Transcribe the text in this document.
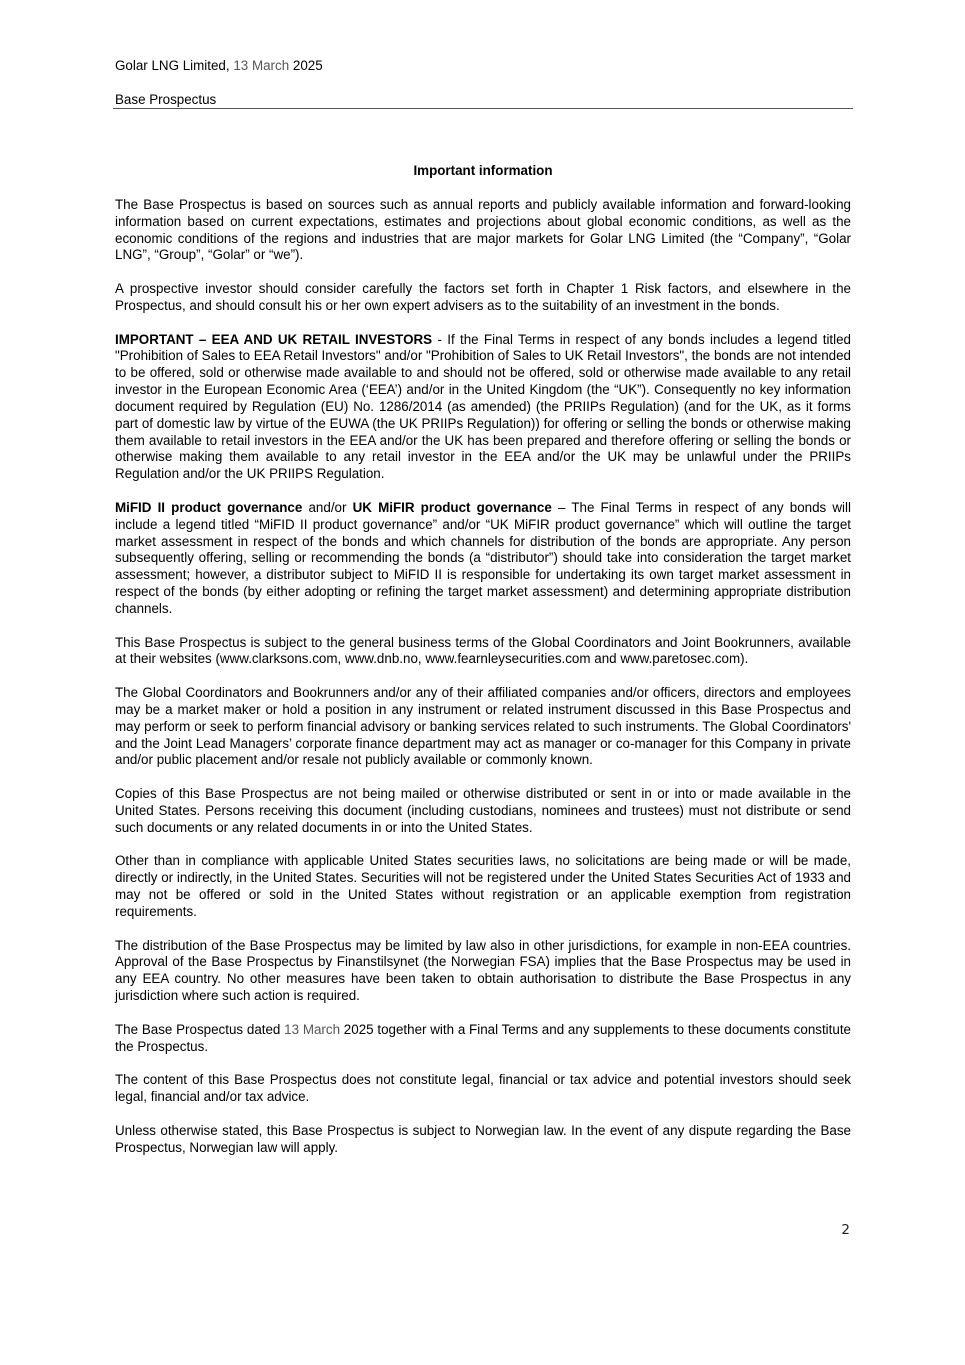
Golar LNG Limited, 13 March 2025
Base Prospectus
Important information

The Base Prospectus is based on sources such as annual reports and publicly available information and forward-looking information based on current expectations, estimates and projections about global economic conditions, as well as the economic conditions of the regions and industries that are major markets for Golar LNG Limited (the “Company”, “Golar LNG”, “Group”, “Golar” or “we”).

A prospective investor should consider carefully the factors set forth in Chapter 1 Risk factors, and elsewhere in the Prospectus, and should consult his or her own expert advisers as to the suitability of an investment in the bonds.

IMPORTANT – EEA AND UK RETAIL INVESTORS - If the Final Terms in respect of any bonds includes a legend titled "Prohibition of Sales to EEA Retail Investors" and/or "Prohibition of Sales to UK Retail Investors", the bonds are not intended to be offered, sold or otherwise made available to and should not be offered, sold or otherwise made available to any retail investor in the European Economic Area (‘EEA’) and/or in the United Kingdom (the “UK”). Consequently no key information document required by Regulation (EU) No. 1286/2014 (as amended) (the PRIIPs Regulation) (and for the UK, as it forms part of domestic law by virtue of the EUWA (the UK PRIIPs Regulation)) for offering or selling the bonds or otherwise making them available to retail investors in the EEA and/or the UK has been prepared and therefore offering or selling the bonds or otherwise making them available to any retail investor in the EEA and/or the UK may be unlawful under the PRIIPs Regulation and/or the UK PRIIPS Regulation.

MiFID II product governance and/or UK MiFIR product governance – The Final Terms in respect of any bonds will include a legend titled “MiFID II product governance” and/or “UK MiFIR product governance” which will outline the target market assessment in respect of the bonds and which channels for distribution of the bonds are appropriate. Any person subsequently offering, selling or recommending the bonds (a “distributor”) should take into consideration the target market assessment; however, a distributor subject to MiFID II is responsible for undertaking its own target market assessment in respect of the bonds (by either adopting or refining the target market assessment) and determining appropriate distribution channels.

This Base Prospectus is subject to the general business terms of the Global Coordinators and Joint Bookrunners, available at their websites (www.clarksons.com, www.dnb.no, www.fearnleysecurities.com and www.paretosec.com).

The Global Coordinators and Bookrunners and/or any of their affiliated companies and/or officers, directors and employees may be a market maker or hold a position in any instrument or related instrument discussed in this Base Prospectus and may perform or seek to perform financial advisory or banking services related to such instruments. The Global Coordinators' and the Joint Lead Managers’ corporate finance department may act as manager or co-manager for this Company in private and/or public placement and/or resale not publicly available or commonly known.

Copies of this Base Prospectus are not being mailed or otherwise distributed or sent in or into or made available in the United States. Persons receiving this document (including custodians, nominees and trustees) must not distribute or send such documents or any related documents in or into the United States.

Other than in compliance with applicable United States securities laws, no solicitations are being made or will be made, directly or indirectly, in the United States. Securities will not be registered under the United States Securities Act of 1933 and may not be offered or sold in the United States without registration or an applicable exemption from registration requirements.

The distribution of the Base Prospectus may be limited by law also in other jurisdictions, for example in non-EEA countries. Approval of the Base Prospectus by Finanstilsynet (the Norwegian FSA) implies that the Base Prospectus may be used in any EEA country. No other measures have been taken to obtain authorisation to distribute the Base Prospectus in any jurisdiction where such action is required.

The Base Prospectus dated 13 March 2025 together with a Final Terms and any supplements to these documents constitute the Prospectus.

The content of this Base Prospectus does not constitute legal, financial or tax advice and potential investors should seek legal, financial and/or tax advice.

Unless otherwise stated, this Base Prospectus is subject to Norwegian law. In the event of any dispute regarding the Base Prospectus, Norwegian law will apply.

2
